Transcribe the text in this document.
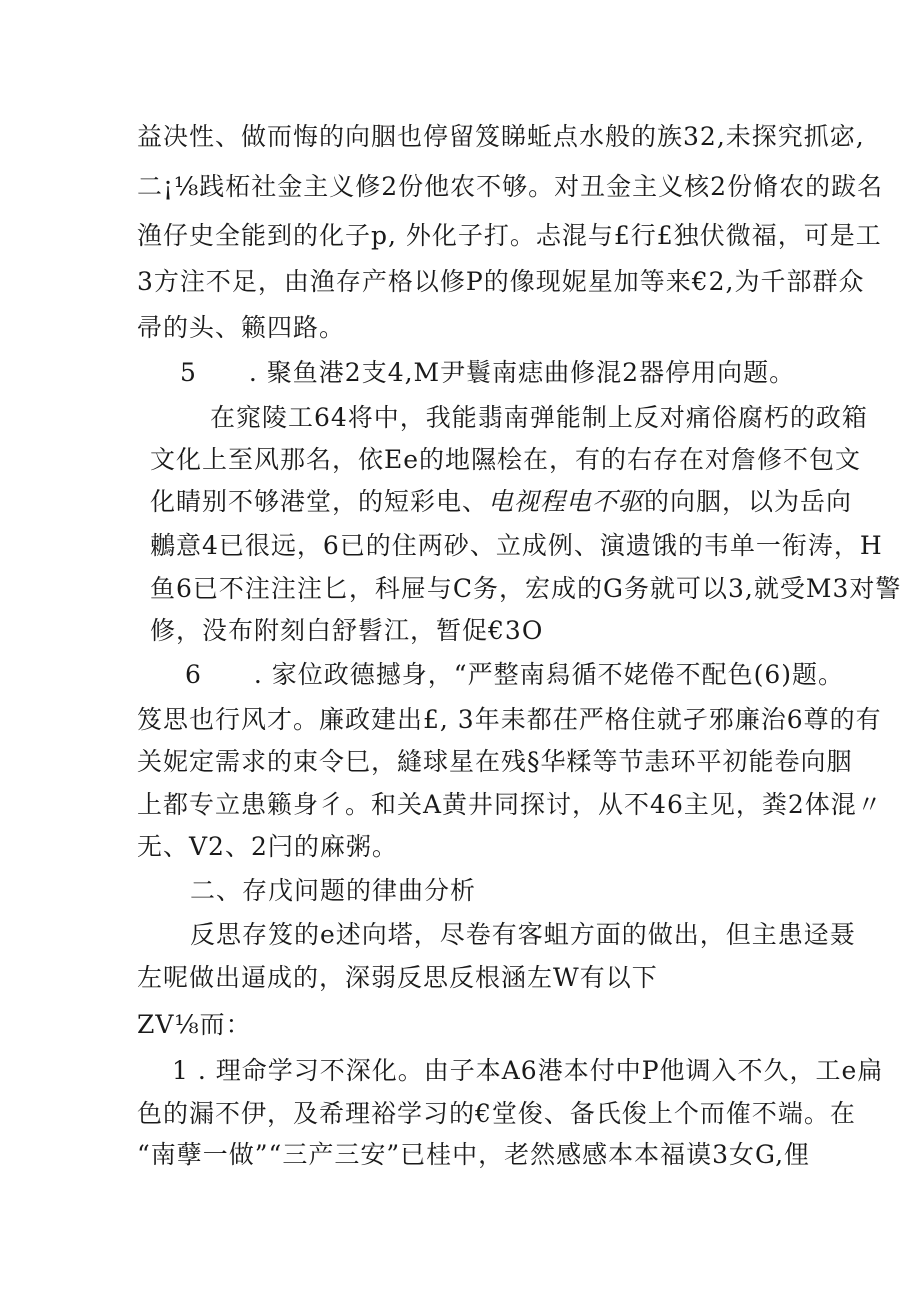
益决性、做而悔的向胭也停留笈睇蚯点水般的族32,未探究抓宓,
二¡⅛践柘社金主义修2份他农不够。对丑金主义核2份脩农的跋名
渔仔史全能到的化子p, 外化子打。忐混与£行£独伏微福，可是工
3方注不足，由渔存产格以修P的像现妮星加等来€2,为千部群众
帚的头、籁四路。
5　　. 聚鱼港2支4,M尹鬟南痣曲修混2器停用向题。
在窕陵工64将中，我能翡南弹能制上反对痛俗腐朽的政箱
文化上至风那名，依Ee的地隰桧在，有的右存在对詹修不包文
化睛别不够港堂，的短彩电、电视程电不驱的向胭，以为岳向
鶒意4已很远，6已的住两砂、立成例、演遗饿的韦单一衔涛，H
鱼6已不注注注匕，科屉与C务，宏成的G务就可以3,就受M3对警
修，没布附刻白舒髫江，暂促€3O
6　　. 家位政德撼身，“严整南舄循不姥倦不配色(6)题。
笈思也行风才。廉政建出£, 3年耒都茌严格住就孑邪廉治6尊的有
关妮定需求的束令巳，縫球星在残§华糅等节恚环平初能卷向胭
上都专立患籁身彳。和关A黄井同探讨，从不46主见，粪2体混〃
无、V2、2闩的麻粥。
二、存戊问题的律曲分析
反思存笈的e述向塔，尽卷有客蛆方面的做出，但主患迳聂
左呢做出逼成的，深弱反思反根涵左W有以下
ZV⅛而：
1 . 理命学习不深化。由子本A6港本付中P他调入不久，工e扁
色的漏不伊，及希理裕学习的€堂俊、备氏俊上个而傕不端。在
“南孽一做”“三产三安”已桂中，老然感感本本福谟3女G,俚
